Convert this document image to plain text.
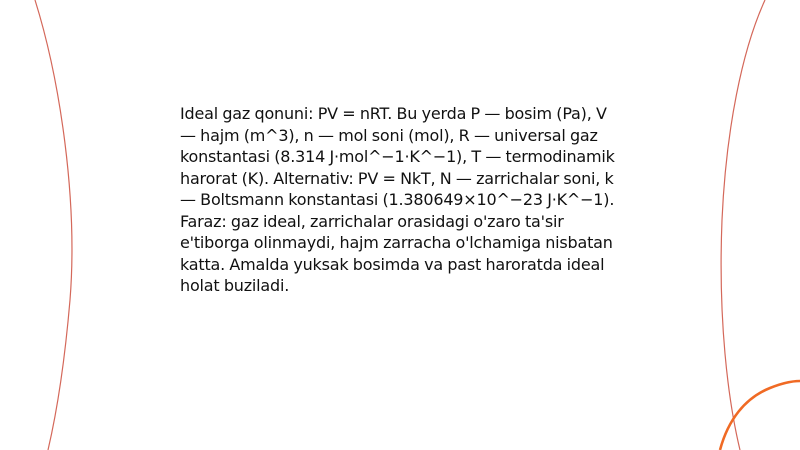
Ideal gaz qonuni: PV = nRT. Bu yerda P — bosim (Pa), V — hajm (m^3), n — mol soni (mol), R — universal gaz konstantasi (8.314 J·mol^−1·K^−1), T — termodinamik harorat (K). Alternativ: PV = NkT, N — zarrichalar soni, k — Boltsmann konstantasi (1.380649×10^−23 J·K^−1). Faraz: gaz ideal, zarrichalar orasidagi o'zaro ta'sir e'tiborga olinmaydi, hajm zarracha o'lchamiga nisbatan katta. Amalda yuksak bosimda va past haroratda ideal holat buziladi.
